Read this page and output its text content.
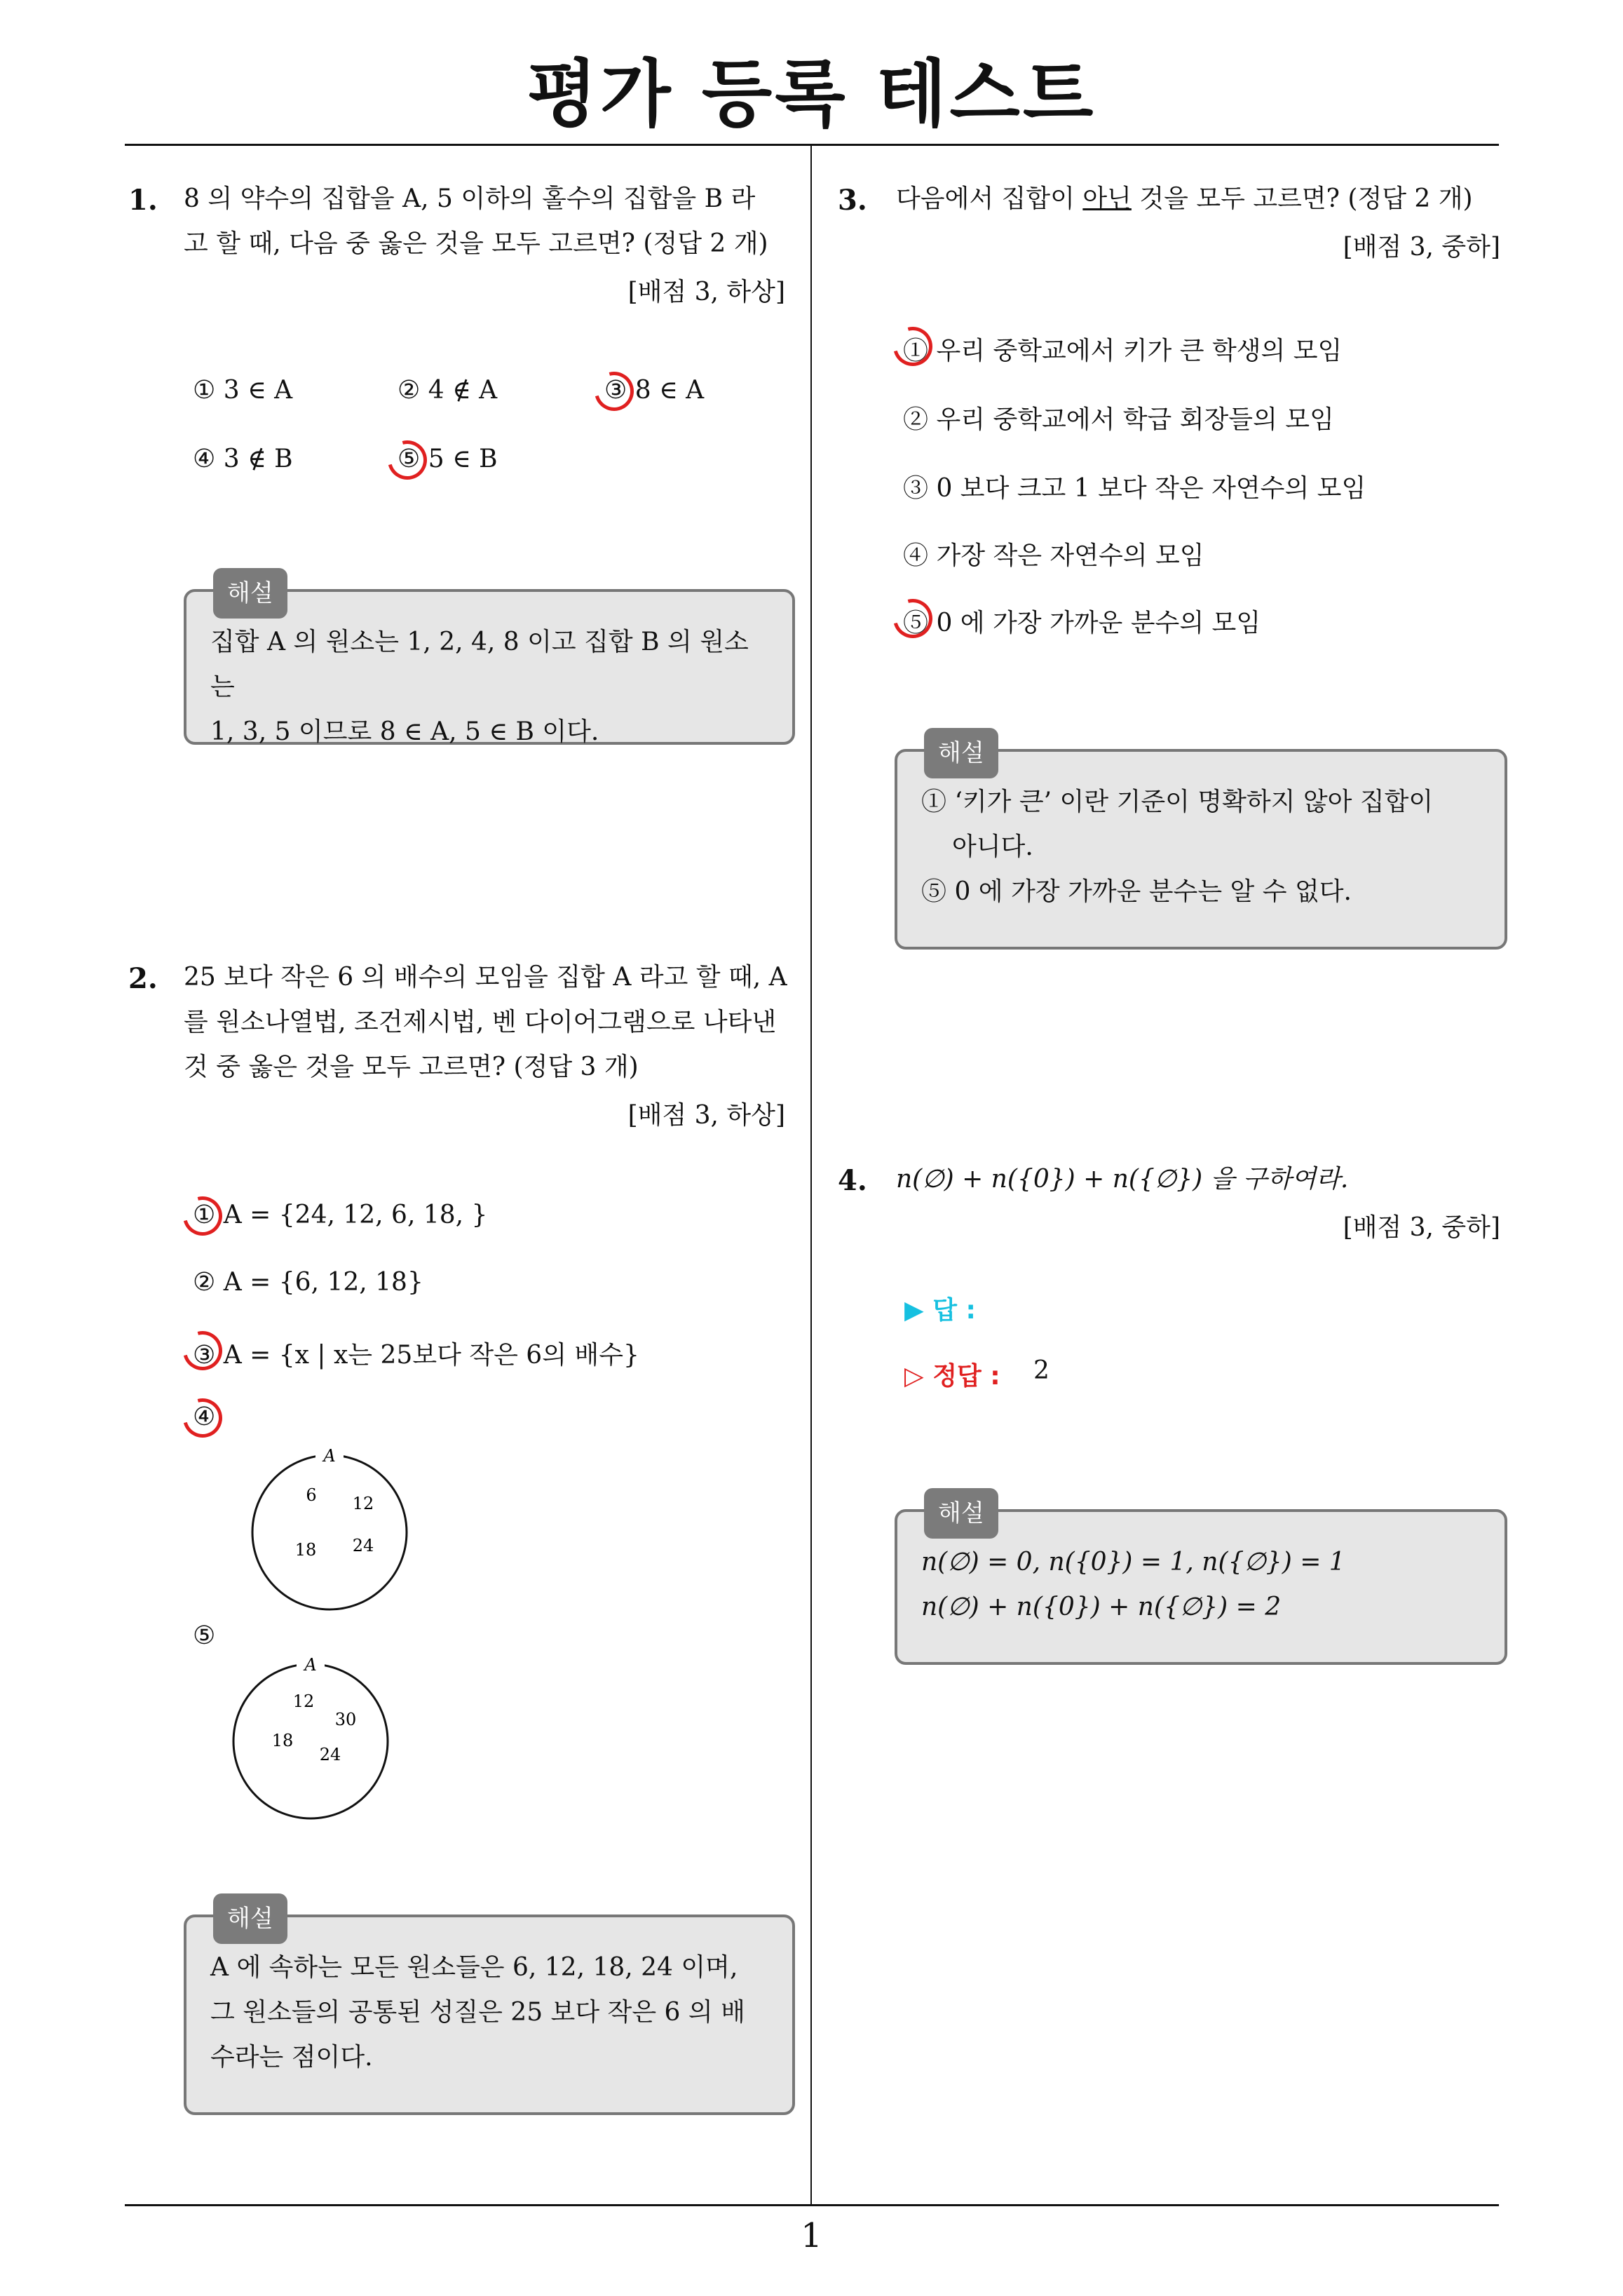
평가 등록 테스트
1. 8 의 약수의 집합을 A, 5 이하의 홀수의 집합을 B 라
고 할 때, 다음 중 옳은 것을 모두 고르면? (정답 2 개)
[배점 3, 하상]
① 3 ∈ A	② 4 ∉ A	③ 8 ∈ A
④ 3 ∉ B	⑤ 5 ∈ B
해설
집합 A 의 원소는 1, 2, 4, 8 이고 집합 B 의 원소는
1, 3, 5 이므로 8 ∈ A, 5 ∈ B 이다.
2. 25 보다 작은 6 의 배수의 모임을 집합 A 라고 할 때, A
를 원소나열법, 조건제시법, 벤 다이어그램으로 나타낸
것 중 옳은 것을 모두 고르면? (정답 3 개)
[배점 3, 하상]
① A = {24, 12, 6, 18, }
② A = {6, 12, 18}
③ A = {x | x는 25보다 작은 6의 배수}
④
A
6 12
18 24
⑤
A
12
30
18
24
해설
A 에 속하는 모든 원소들은 6, 12, 18, 24 이며,
그 원소들의 공통된 성질은 25 보다 작은 6 의 배
수라는 점이다.
3. 다음에서 집합이 아닌 것을 모두 고르면? (정답 2 개)
[배점 3, 중하]
① 우리 중학교에서 키가 큰 학생의 모임
② 우리 중학교에서 학급 회장들의 모임
③ 0 보다 크고 1 보다 작은 자연수의 모임
④ 가장 작은 자연수의 모임
⑤ 0 에 가장 가까운 분수의 모임
해설
① ‘키가 큰’ 이란 기준이 명확하지 않아 집합이
아니다.
⑤ 0 에 가장 가까운 분수는 알 수 없다.
4. n(∅) + n({0}) + n({∅}) 을 구하여라.
[배점 3, 중하]
▶ 답 :
▷ 정답 : 2
해설
n(∅) = 0, n({0}) = 1, n({∅}) = 1
n(∅) + n({0}) + n({∅}) = 2
1
